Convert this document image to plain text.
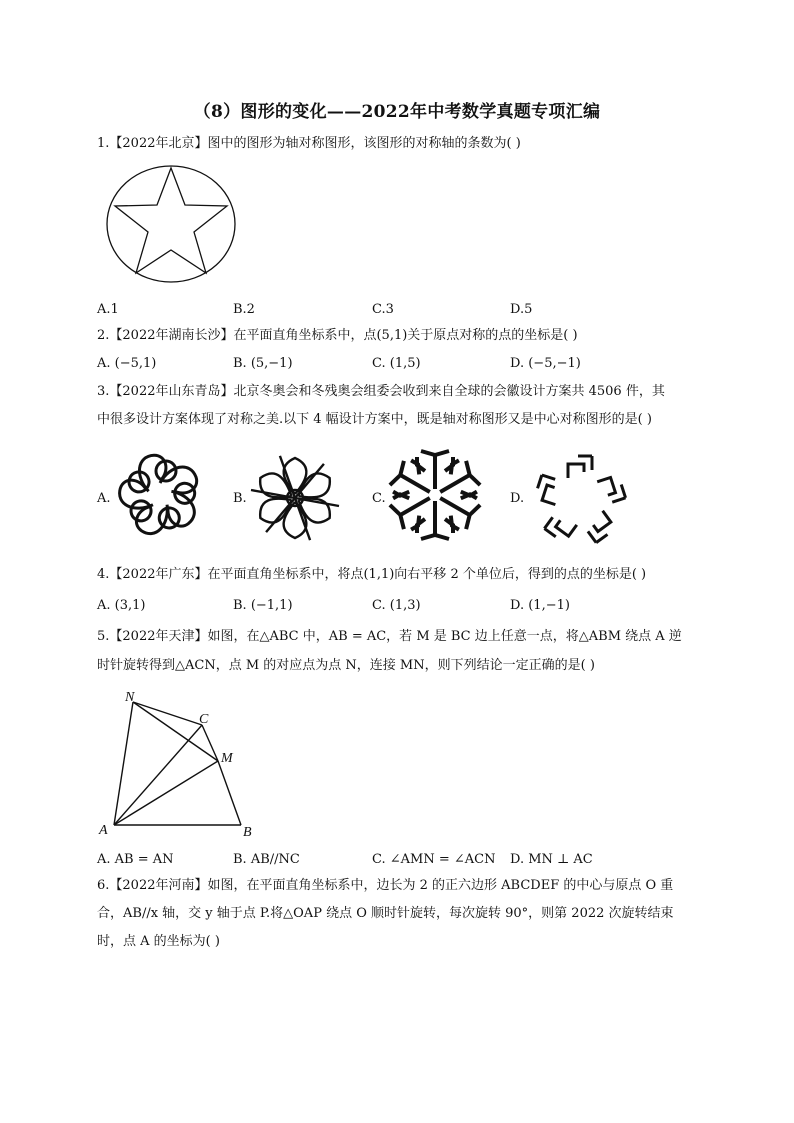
（8）图形的变化——2022年中考数学真题专项汇编
1.【2022年北京】图中的图形为轴对称图形，该图形的对称轴的条数为( )
A.1	B.2	C.3	D.5
2.【2022年湖南长沙】在平面直角坐标系中，点(5,1)关于原点对称的点的坐标是( )
A. (−5,1)	B. (5,−1)	C. (1,5)	D. (−5,−1)
3.【2022年山东青岛】北京冬奥会和冬残奥会组委会收到来自全球的会徽设计方案共 4506 件，其
中很多设计方案体现了对称之美.以下 4 幅设计方案中，既是轴对称图形又是中心对称图形的是( )
A.	B.	C.	D.
4.【2022年广东】在平面直角坐标系中，将点(1,1)向右平移 2 个单位后，得到的点的坐标是( )
A. (3,1)	B. (−1,1)	C. (1,3)	D. (1,−1)
5.【2022年天津】如图，在△ABC 中，AB = AC，若 M 是 BC 边上任意一点，将△ABM 绕点 A 逆
时针旋转得到△ACN，点 M 的对应点为点 N，连接 MN，则下列结论一定正确的是( )
N
C
M
A	B
A. AB = AN	B. AB//NC	C. ∠AMN = ∠ACN D. MN ⊥ AC
6.【2022年河南】如图，在平面直角坐标系中，边长为 2 的正六边形 ABCDEF 的中心与原点 O 重
合，AB//x 轴，交 y 轴于点 P.将△OAP 绕点 O 顺时针旋转，每次旋转 90°，则第 2022 次旋转结束
时，点 A 的坐标为( )
